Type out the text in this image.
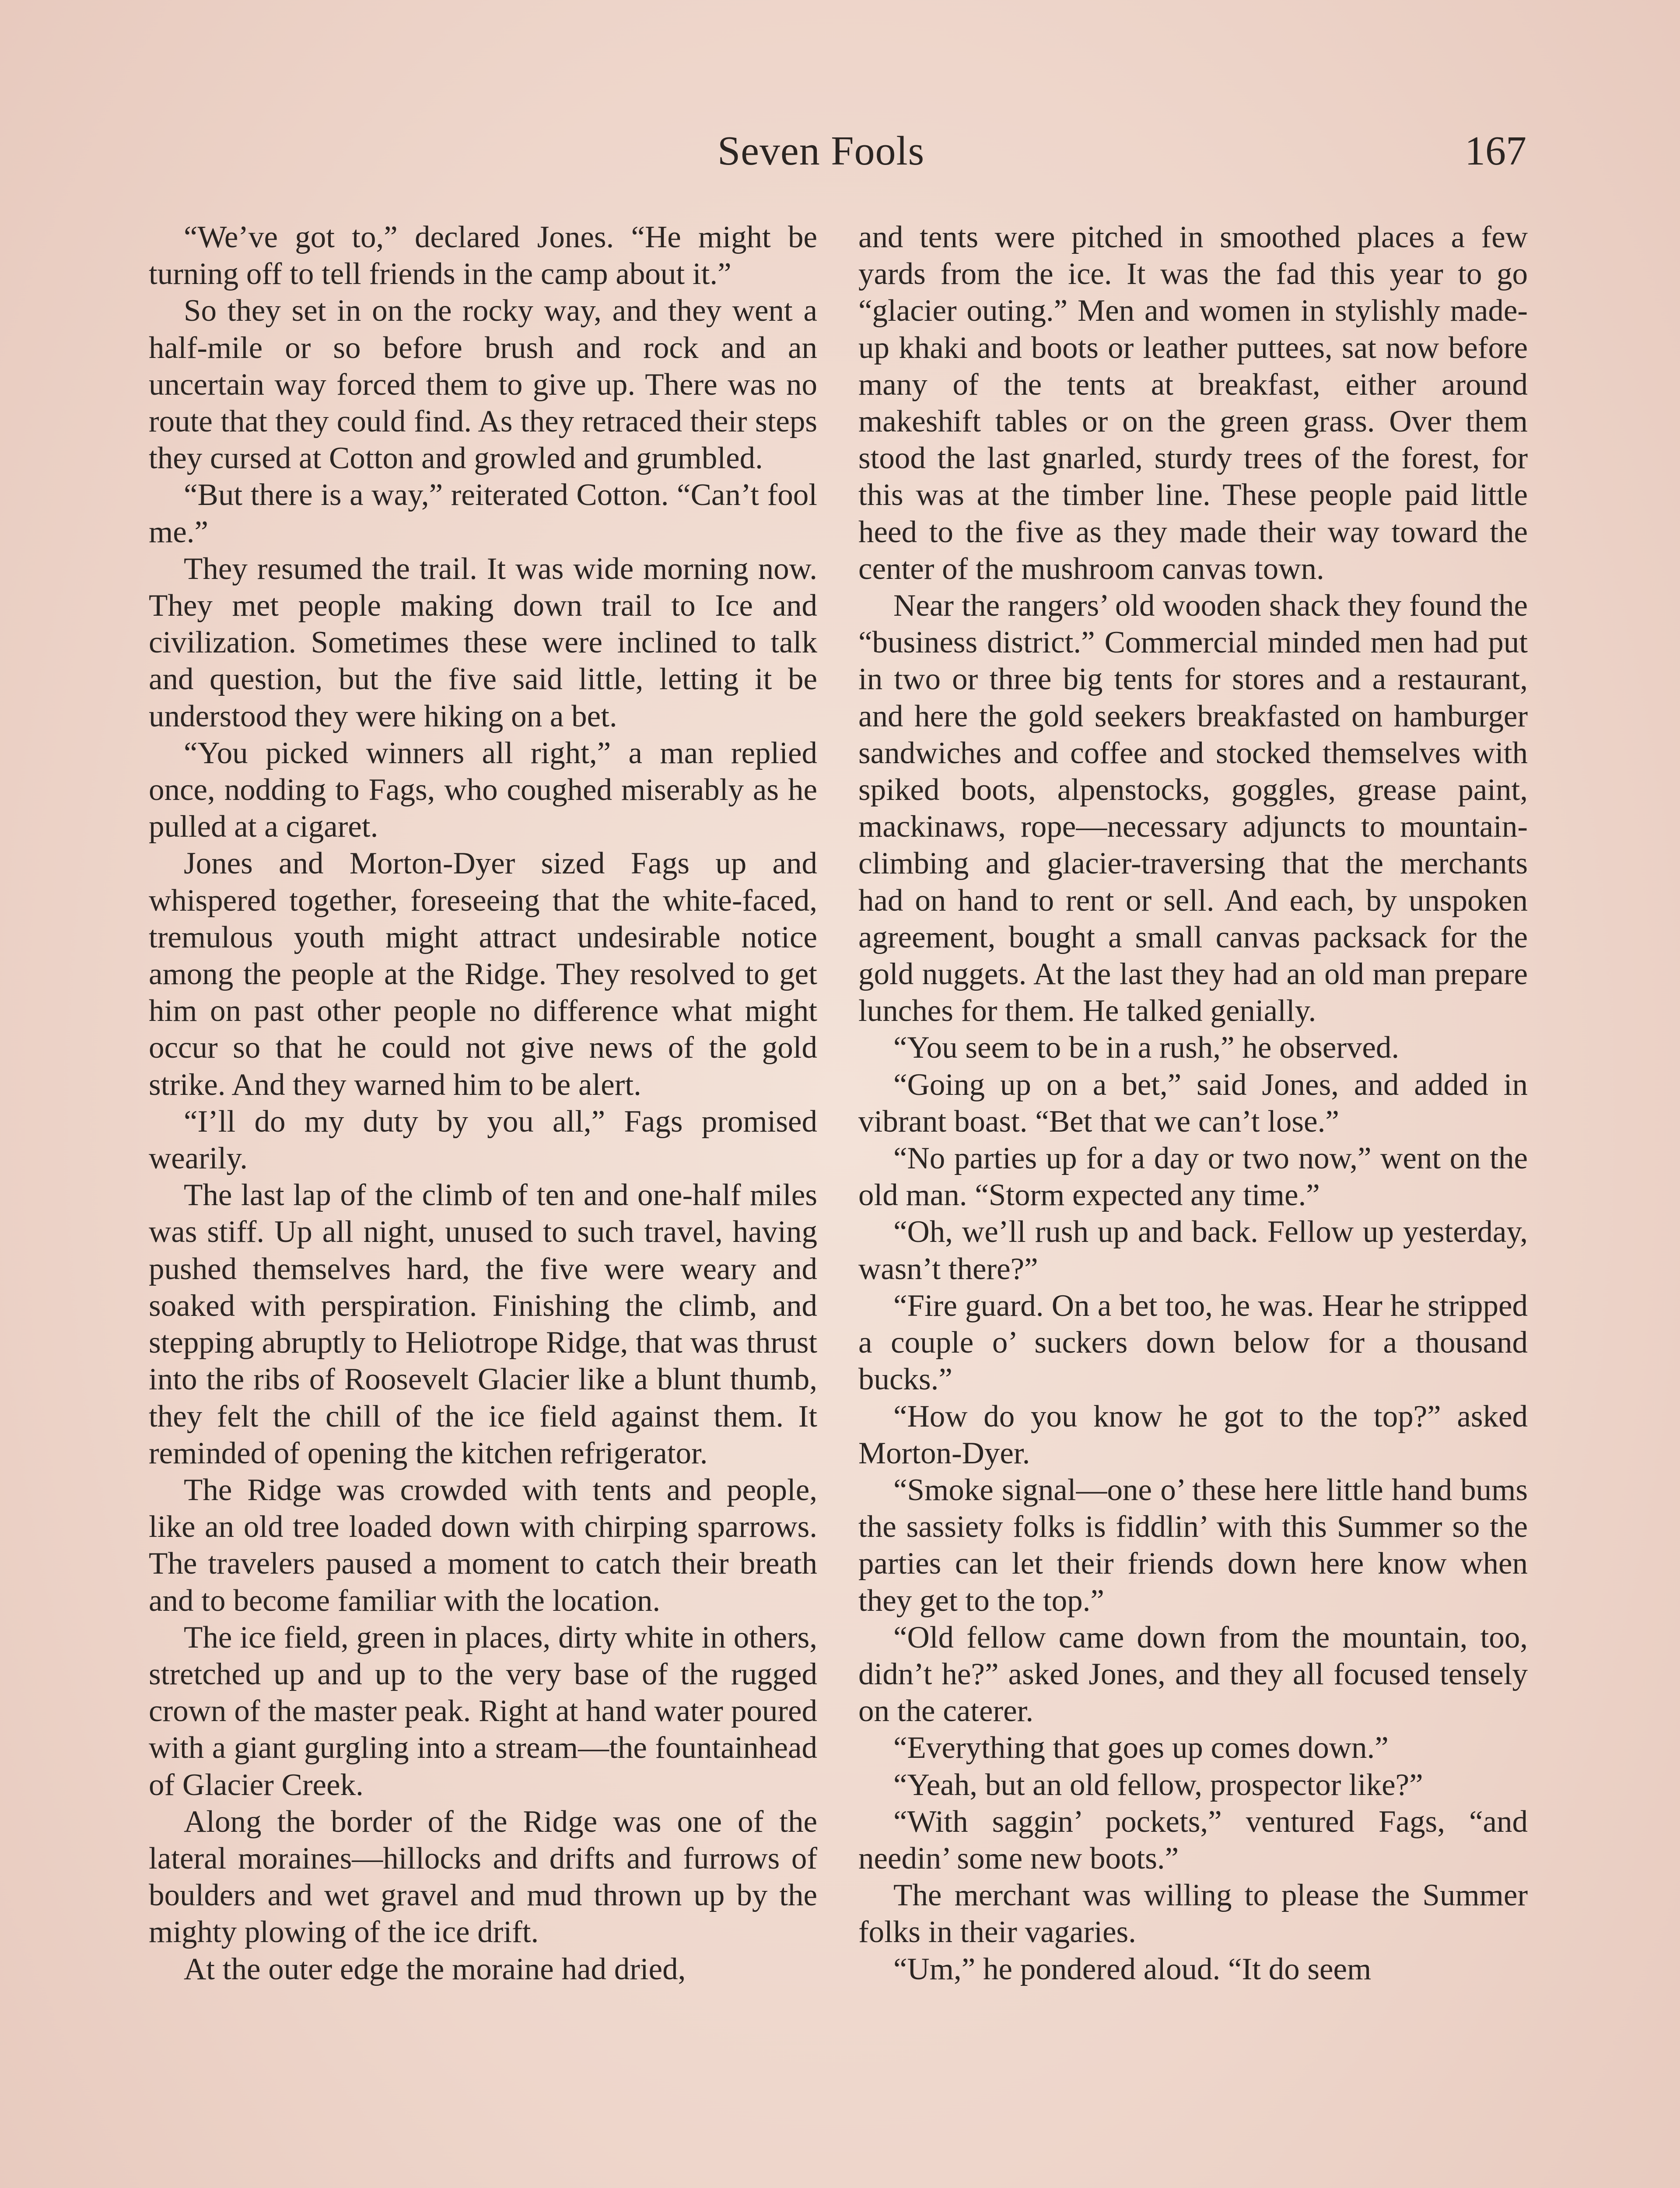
Seven Fools	167

“We’ve got to,” declared Jones. “He might be turning off to tell friends in the camp about it.”

So they set in on the rocky way, and they went a half-mile or so before brush and rock and an uncertain way forced them to give up. There was no route that they could find. As they retraced their steps they cursed at Cotton and growled and grumbled.

“But there is a way,” reiterated Cotton. “Can’t fool me.”

They resumed the trail. It was wide morning now. They met people making down trail to Ice and civilization. Sometimes these were inclined to talk and question, but the five said little, letting it be understood they were hiking on a bet.

“You picked winners all right,” a man replied once, nodding to Fags, who coughed miserably as he pulled at a cigaret.

Jones and Morton-Dyer sized Fags up and whispered together, foreseeing that the white-faced, tremulous youth might attract undesirable notice among the people at the Ridge. They resolved to get him on past other people no difference what might occur so that he could not give news of the gold strike. And they warned him to be alert.

“I’ll do my duty by you all,” Fags promised wearily.

The last lap of the climb of ten and one-half miles was stiff. Up all night, unused to such travel, having pushed themselves hard, the five were weary and soaked with perspiration. Finishing the climb, and stepping abruptly to Heliotrope Ridge, that was thrust into the ribs of Roosevelt Glacier like a blunt thumb, they felt the chill of the ice field against them. It reminded of opening the kitchen refrigerator.

The Ridge was crowded with tents and people, like an old tree loaded down with chirping sparrows. The travelers paused a moment to catch their breath and to become familiar with the location.

The ice field, green in places, dirty white in others, stretched up and up to the very base of the rugged crown of the master peak. Right at hand water poured with a giant gurgling into a stream—the fountainhead of Glacier Creek.

Along the border of the Ridge was one of the lateral moraines—hillocks and drifts and furrows of boulders and wet gravel and mud thrown up by the mighty plowing of the ice drift.

At the outer edge the moraine had dried,

and tents were pitched in smoothed places a few yards from the ice. It was the fad this year to go “glacier outing.” Men and women in stylishly made-up khaki and boots or leather puttees, sat now before many of the tents at breakfast, either around makeshift tables or on the green grass. Over them stood the last gnarled, sturdy trees of the forest, for this was at the timber line. These people paid little heed to the five as they made their way toward the center of the mushroom canvas town.

Near the rangers’ old wooden shack they found the “business district.” Commercial minded men had put in two or three big tents for stores and a restaurant, and here the gold seekers breakfasted on hamburger sandwiches and coffee and stocked themselves with spiked boots, alpenstocks, goggles, grease paint, mackinaws, rope—necessary adjuncts to mountain-climbing and glacier-traversing that the merchants had on hand to rent or sell. And each, by unspoken agreement, bought a small canvas packsack for the gold nuggets. At the last they had an old man prepare lunches for them. He talked genially.

“You seem to be in a rush,” he observed.

“Going up on a bet,” said Jones, and added in vibrant boast. “Bet that we can’t lose.”

“No parties up for a day or two now,” went on the old man. “Storm expected any time.”

“Oh, we’ll rush up and back. Fellow up yesterday, wasn’t there?”

“Fire guard. On a bet too, he was. Hear he stripped a couple o’ suckers down below for a thousand bucks.”

“How do you know he got to the top?” asked Morton-Dyer.

“Smoke signal—one o’ these here little hand bums the sassiety folks is fiddlin’ with this Summer so the parties can let their friends down here know when they get to the top.”

“Old fellow came down from the mountain, too, didn’t he?” asked Jones, and they all focused tensely on the caterer.

“Everything that goes up comes down.”

“Yeah, but an old fellow, prospector like?”

“With saggin’ pockets,” ventured Fags, “and needin’ some new boots.”

The merchant was willing to please the Summer folks in their vagaries.

“Um,” he pondered aloud. “It do seem
